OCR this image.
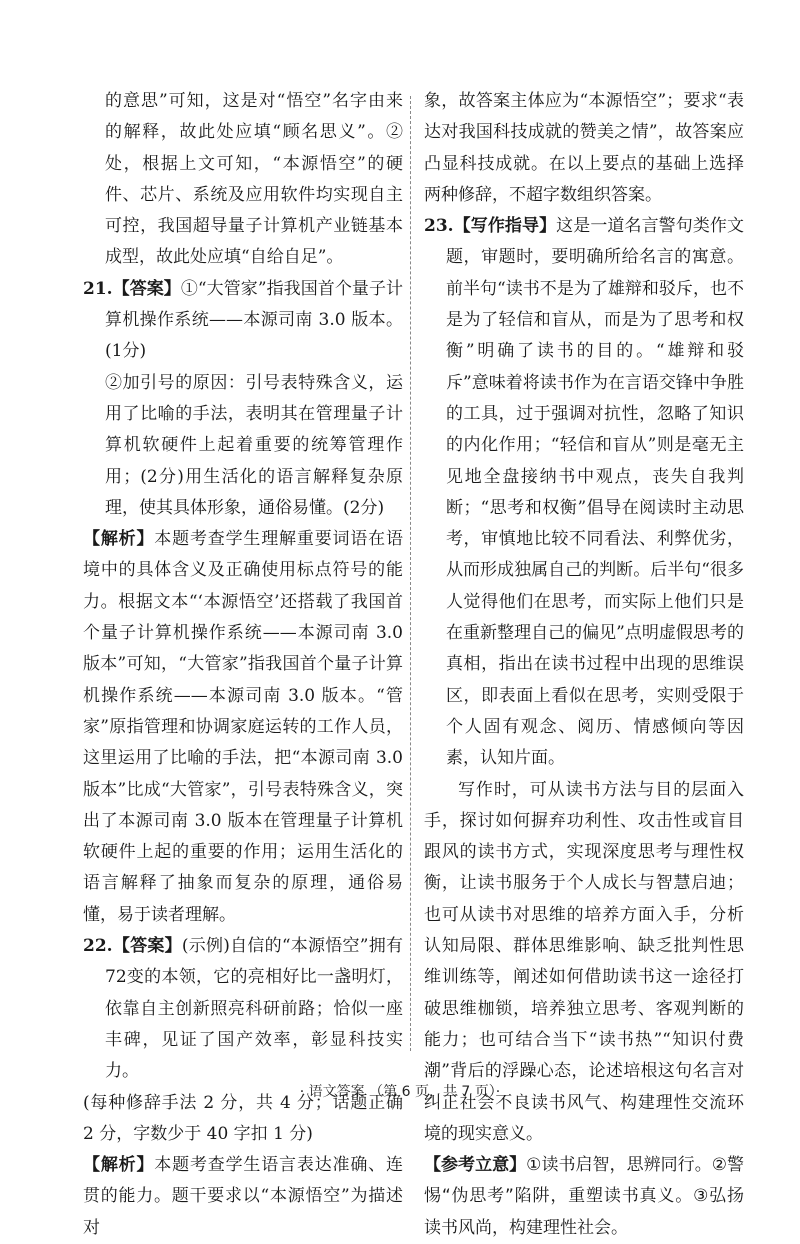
的意思”可知，这是对“悟空”名字由来的解释，故此处应填“顾名思义”。②处，根据上文可知，“本源悟空”的硬件、芯片、系统及应用软件均实现自主可控，我国超导量子计算机产业链基本成型，故此处应填“自给自足”。

21.【答案】①“大管家”指我国首个量子计算机操作系统——本源司南 3.0 版本。(1分)

②加引号的原因：引号表特殊含义，运用了比喻的手法，表明其在管理量子计算机软硬件上起着重要的统筹管理作用；(2分)用生活化的语言解释复杂原理，使其具体形象，通俗易懂。(2分)

【解析】本题考查学生理解重要词语在语境中的具体含义及正确使用标点符号的能力。根据文本“‘本源悟空’还搭载了我国首个量子计算机操作系统——本源司南 3.0 版本”可知，“大管家”指我国首个量子计算机操作系统——本源司南 3.0 版本。“管家”原指管理和协调家庭运转的工作人员，这里运用了比喻的手法，把“本源司南 3.0 版本”比成“大管家”，引号表特殊含义，突出了本源司南 3.0 版本在管理量子计算机软硬件上起的重要的作用；运用生活化的语言解释了抽象而复杂的原理，通俗易懂，易于读者理解。

22.【答案】(示例)自信的“本源悟空”拥有72变的本领，它的亮相好比一盏明灯，依靠自主创新照亮科研前路；恰似一座丰碑，见证了国产效率，彰显科技实力。

(每种修辞手法 2 分，共 4 分；话题正确 2 分，字数少于 40 字扣 1 分)

【解析】本题考查学生语言表达准确、连贯的能力。题干要求以“本源悟空”为描述对

象，故答案主体应为“本源悟空”；要求“表达对我国科技成就的赞美之情”，故答案应凸显科技成就。在以上要点的基础上选择两种修辞，不超字数组织答案。

23.【写作指导】这是一道名言警句类作文题，审题时，要明确所给名言的寓意。前半句“读书不是为了雄辩和驳斥，也不是为了轻信和盲从，而是为了思考和权衡”明确了读书的目的。“雄辩和驳斥”意味着将读书作为在言语交锋中争胜的工具，过于强调对抗性，忽略了知识的内化作用；“轻信和盲从”则是毫无主见地全盘接纳书中观点，丧失自我判断；“思考和权衡”倡导在阅读时主动思考，审慎地比较不同看法、利弊优劣，从而形成独属自己的判断。后半句“很多人觉得他们在思考，而实际上他们只是在重新整理自己的偏见”点明虚假思考的真相，指出在读书过程中出现的思维误区，即表面上看似在思考，实则受限于个人固有观念、阅历、情感倾向等因素，认知片面。

写作时，可从读书方法与目的层面入手，探讨如何摒弃功利性、攻击性或盲目跟风的读书方式，实现深度思考与理性权衡，让读书服务于个人成长与智慧启迪；也可从读书对思维的培养方面入手，分析认知局限、群体思维影响、缺乏批判性思维训练等，阐述如何借助读书这一途径打破思维枷锁，培养独立思考、客观判断的能力；也可结合当下“读书热”“知识付费潮”背后的浮躁心态，论述培根这句名言对纠正社会不良读书风气、构建理性交流环境的现实意义。

【参考立意】①读书启智，思辨同行。②警惕“伪思考”陷阱，重塑读书真义。③弘扬读书风尚，构建理性社会。

· 语文答案 （第 6 页，共 7 页）·
